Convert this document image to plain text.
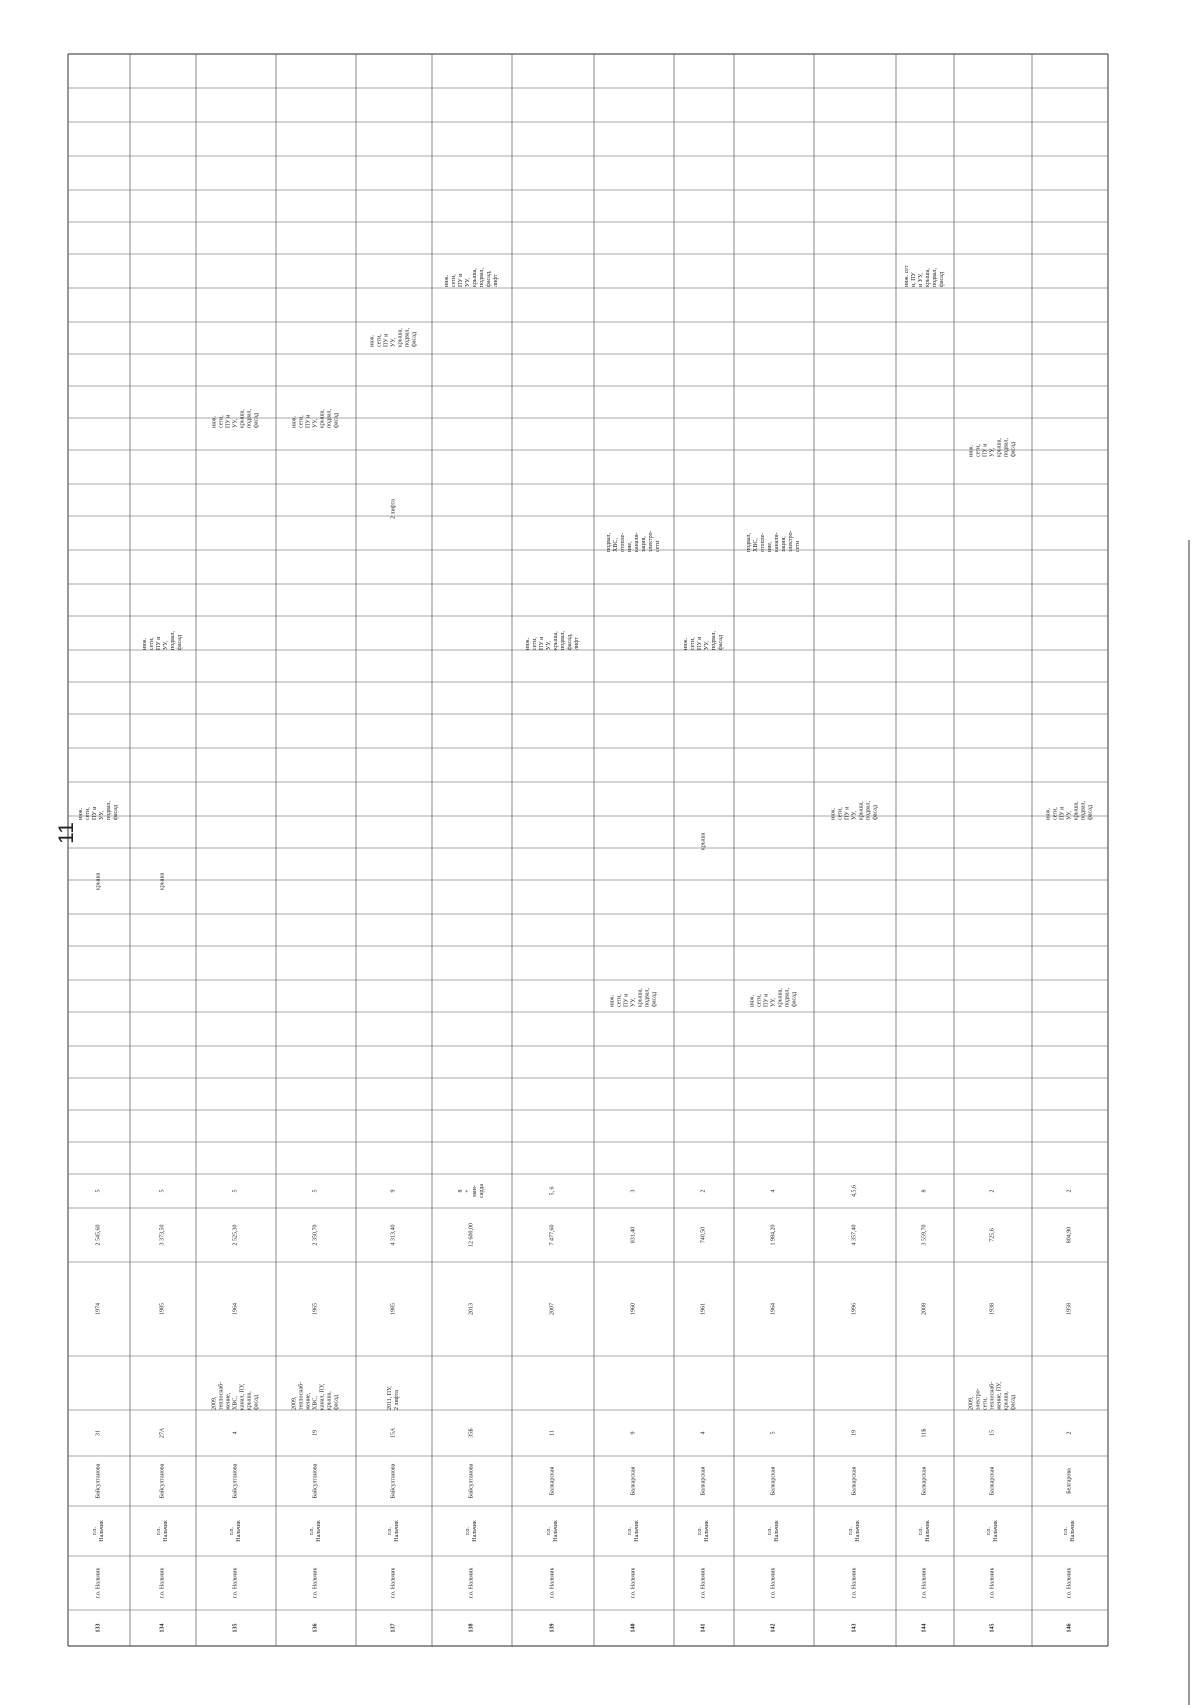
11
133
г.о. Нальчик
г.о.
Нальчик
Байсултанова
31
1974
2 545,60
5
крыша
инж.
сети,
ПУ и
УУ,
подвал,
фасад
134
г.о. Нальчик
г.о.
Нальчик
Байсултанова
27А
1985
3 373,50
5
крыша
инж.
сети,
ПУ и
УУ,
подвал,
фасад
135
г.о. Нальчик
г.о.
Нальчик
Байсултанова
4
2009,
теплоснаб-
жение,
ХВС,
канал, ПУ,
крыша,
фасад
1964
2 525,30
5
инж.
сети,
ПУ и
УУ,
крыша,
подвал,
фасад
136
г.о. Нальчик
г.о.
Нальчик
Байсултанова
19
2009,
теплоснаб-
жение,
ХВС,
канал, ПУ,
крыша,
фасад
1965
2 350,70
5
инж.
сети,
ПУ и
УУ,
крыша,
подвал,
фасад
137
г.о. Нальчик
г.о.
Нальчик
Байсултанова
15А
2011, ПУ,
2 лифта
1985
4 313,40
9
2 лифта
инж.
сети,
ПУ и
УУ,
крыша,
подвал,
фасад
138
г.о. Нальчик
г.о.
Нальчик
Байсултанова
35Б
2013
12 600,00
8
+
ман-
сарда
инж.
сети,
ПУ и
УУ,
крыша,
подвал,
фасад,
лифт
139
г.о. Нальчик
г.о.
Нальчик
Балкарская
11
2007
7 477,60
5, 6
инж.
сети,
ПУ и
УУ,
крыша,
подвал,
фасад,
лифт
140
г.о. Нальчик
г.о.
Нальчик
Балкарская
9
1960
831,40
3
инж.
сети,
ПУ и
УУ,
крыша,
подвал,
фасад
подвал,
ХВС,
отопле-
ние,
канали-
зация,
электро-
сети
141
г.о. Нальчик
г.о.
Нальчик
Балкарская
4
1961
740,50
2
крыша
инж.
сети,
ПУ и
УУ,
подвал,
фасад
142
г.о. Нальчик
г.о.
Нальчик
Балкарская
5
1964
1 984,20
4
инж.
сети,
ПУ и
УУ,
крыша,
подвал,
фасад
подвал,
ХВС,
отопле-
ние,
канали-
зация,
электро-
сети
143
г.о. Нальчик
г.о.
Нальчик
Балкарская
19
1996
4 357,40
4,5,6
инж.
сети,
ПУ и
УУ,
крыша,
подвал,
фасад
144
г.о. Нальчик
г.о.
Нальчик
Балкарская
11Б
2008
3 559,70
8
инж. сет
и, ПУ
и УУ,
крыша,
подвал,
фасад
145
г.о. Нальчик
г.о.
Нальчик
Балкарская
15
2009,
электро-
сети,
теплоснаб-
жение, ПУ,
крыша,
фасад
1938
725,6
2
инж.
сети,
ПУ и
УУ,
крыша,
подвал,
фасад
146
г.о. Нальчик
г.о.
Нальчик
Белгарова
2
1958
804,90
2
инж.
сети,
ПУ и
УУ,
крыша,
подвал,
фасад
